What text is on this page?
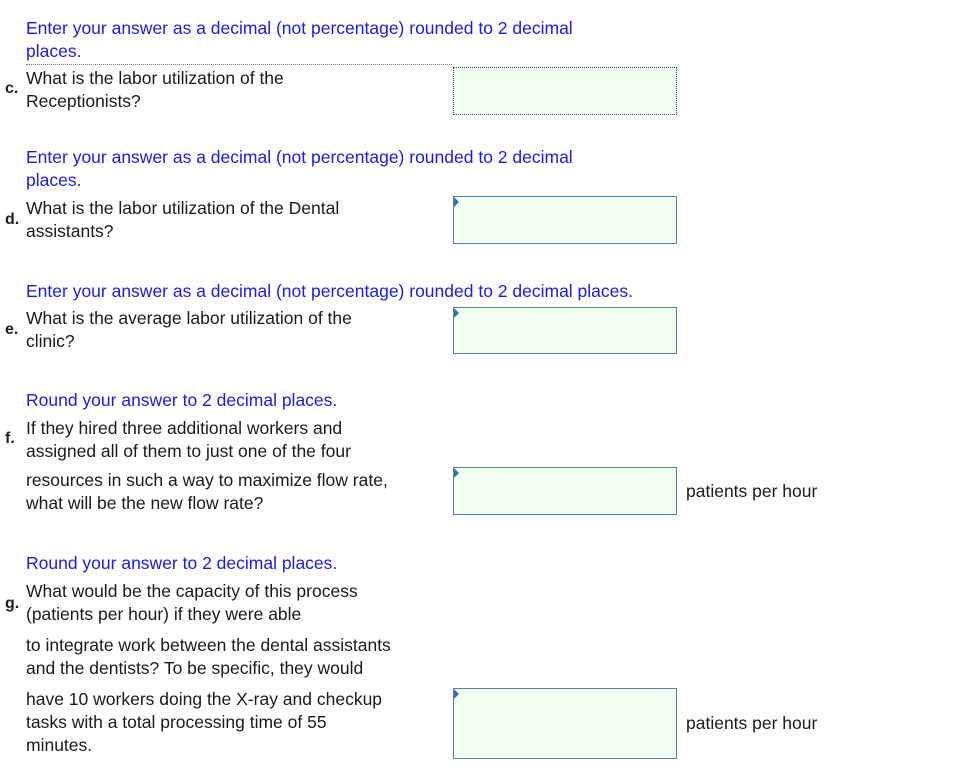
Enter your answer as a decimal (not percentage) rounded to 2 decimal
places.

c.

What is the labor utilization of the
Receptionists?

Enter your answer as a decimal (not percentage) rounded to 2 decimal
places.

d.

What is the labor utilization of the Dental
assistants?

Enter your answer as a decimal (not percentage) rounded to 2 decimal places.

e.

What is the average labor utilization of the
clinic?

Round your answer to 2 decimal places.

f.

If they hired three additional workers and
assigned all of them to just one of the four

resources in such a way to maximize flow rate,
what will be the new flow rate?

patients per hour

Round your answer to 2 decimal places.

g.

What would be the capacity of this process
(patients per hour) if they were able

to integrate work between the dental assistants
and the dentists? To be specific, they would

have 10 workers doing the X-ray and checkup
tasks with a total processing time of 55
minutes.

patients per hour
